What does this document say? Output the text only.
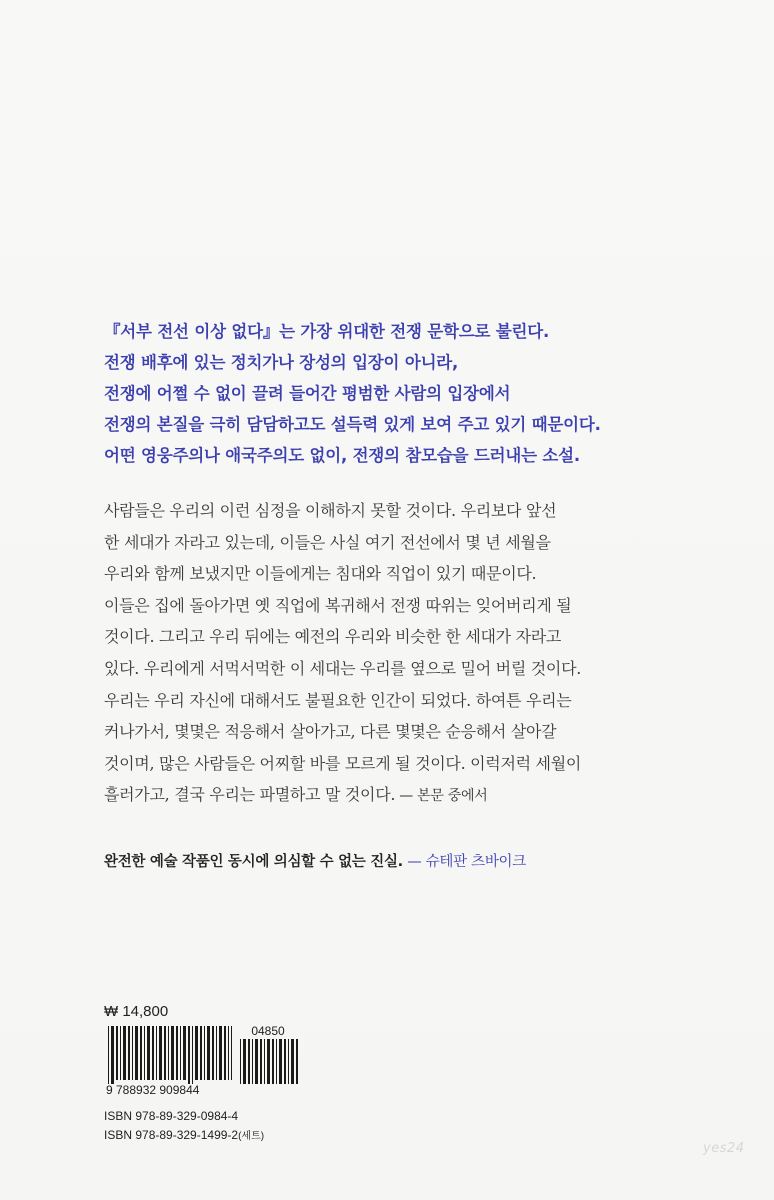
『서부 전선 이상 없다』는 가장 위대한 전쟁 문학으로 불린다.
전쟁 배후에 있는 정치가나 장성의 입장이 아니라,
전쟁에 어쩔 수 없이 끌려 들어간 평범한 사람의 입장에서
전쟁의 본질을 극히 담담하고도 설득력 있게 보여 주고 있기 때문이다.
어떤 영웅주의나 애국주의도 없이, 전쟁의 참모습을 드러내는 소설.
사람들은 우리의 이런 심정을 이해하지 못할 것이다. 우리보다 앞선
한 세대가 자라고 있는데, 이들은 사실 여기 전선에서 몇 년 세월을
우리와 함께 보냈지만 이들에게는 침대와 직업이 있기 때문이다.
이들은 집에 돌아가면 옛 직업에 복귀해서 전쟁 따위는 잊어버리게 될
것이다. 그리고 우리 뒤에는 예전의 우리와 비슷한 한 세대가 자라고
있다. 우리에게 서먹서먹한 이 세대는 우리를 옆으로 밀어 버릴 것이다.
우리는 우리 자신에 대해서도 불필요한 인간이 되었다. 하여튼 우리는
커나가서, 몇몇은 적응해서 살아가고, 다른 몇몇은 순응해서 살아갈
것이며, 많은 사람들은 어찌할 바를 모르게 될 것이다. 이럭저럭 세월이
흘러가고, 결국 우리는 파멸하고 말 것이다. — 본문 중에서
완전한 예술 작품인 동시에 의심할 수 없는 진실. — 슈테판 츠바이크
₩ 14,800
04850
9 788932 909844
ISBN 978-89-329-0984-4
ISBN 978-89-329-1499-2(세트)
yes24
